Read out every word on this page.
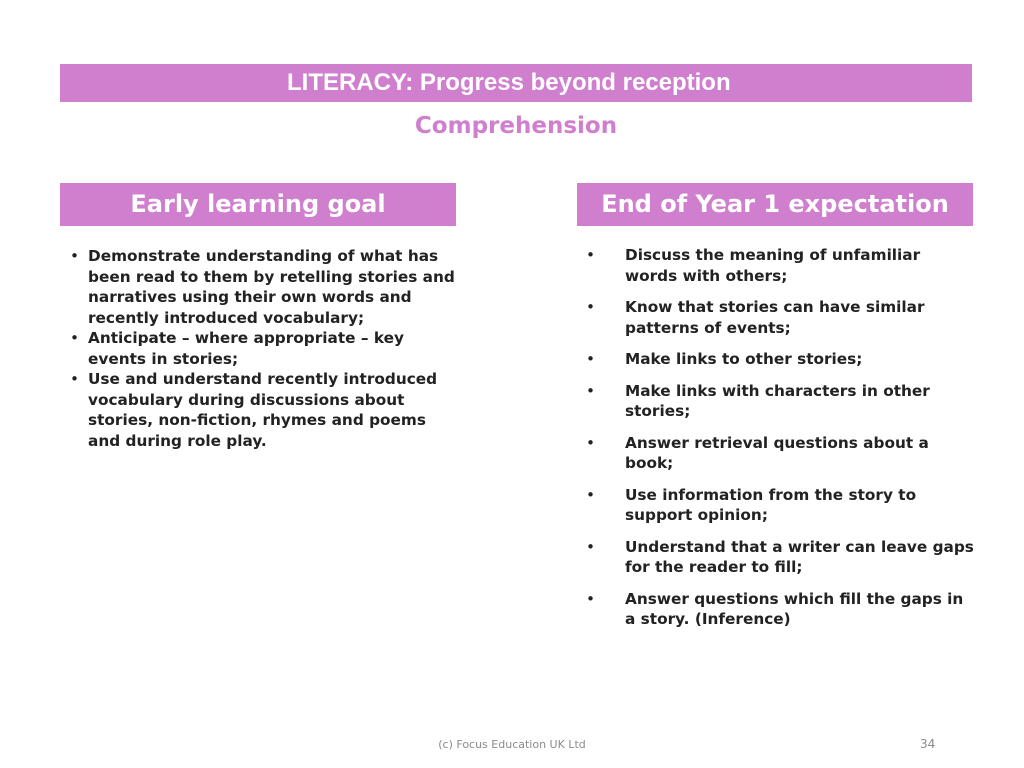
LITERACY: Progress beyond reception
Comprehension
Early learning goal	End of Year 1 expectation
• Demonstrate understanding of what has been read to them by retelling stories and narratives using their own words and recently introduced vocabulary;
• Anticipate – where appropriate – key events in stories;
• Use and understand recently introduced vocabulary during discussions about stories, non-fiction, rhymes and poems and during role play.
• Discuss the meaning of unfamiliar words with others;
• Know that stories can have similar patterns of events;
• Make links to other stories;
• Make links with characters in other stories;
• Answer retrieval questions about a book;
• Use information from the story to support opinion;
• Understand that a writer can leave gaps for the reader to fill;
• Answer questions which fill the gaps in a story. (Inference)
(c) Focus Education UK Ltd	34
